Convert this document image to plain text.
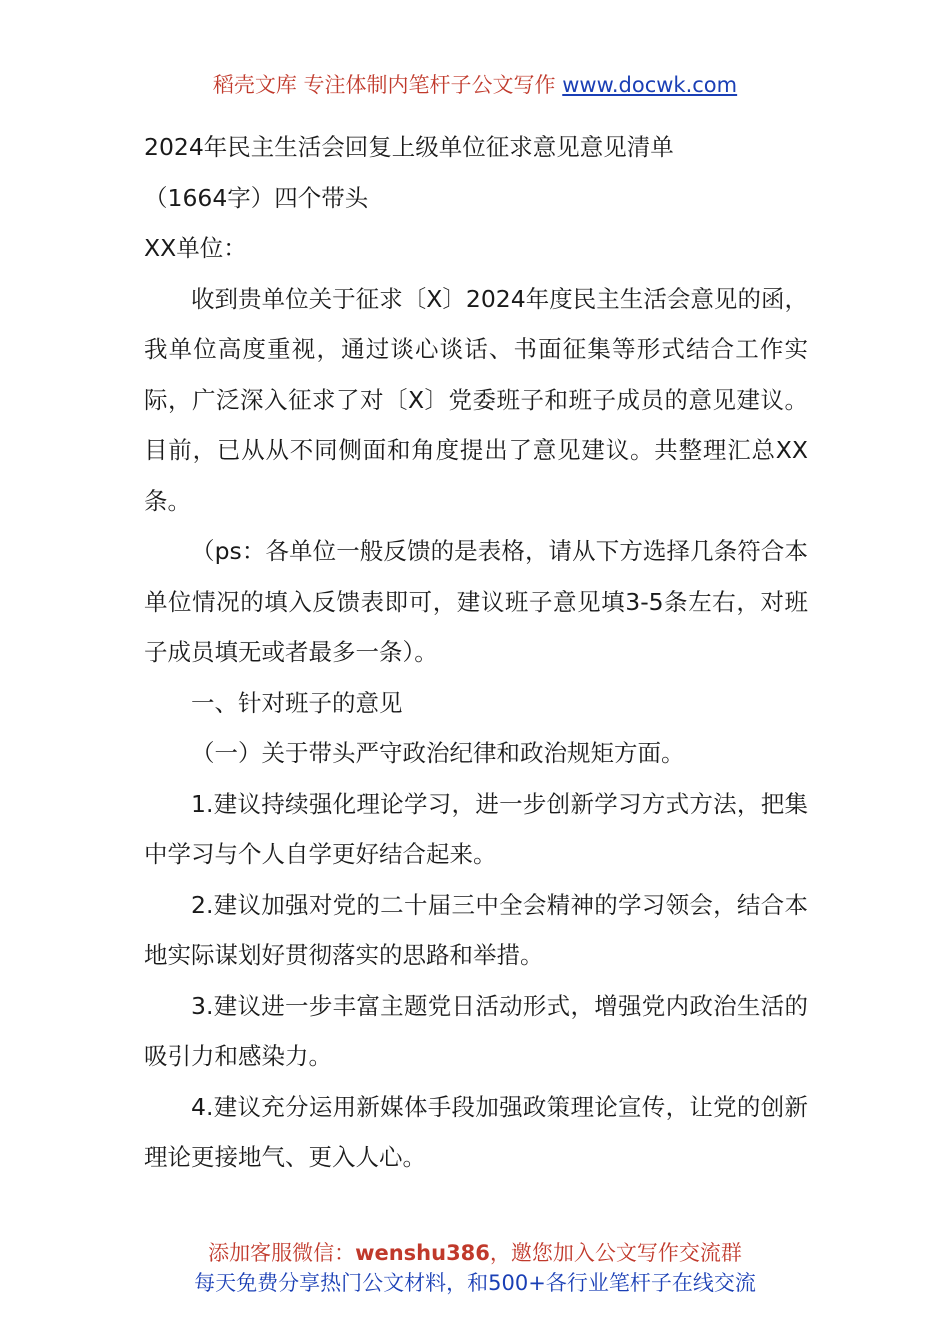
稻壳文库 专注体制内笔杆子公文写作 www.docwk.com

2024年民主生活会回复上级单位征求意见意见清单

（1664字）四个带头

XX单位：

收到贵单位关于征求〔X〕2024年度民主生活会意见的函，我单位高度重视，通过谈心谈话、书面征集等形式结合工作实际，广泛深入征求了对〔X〕党委班子和班子成员的意见建议。目前，已从从不同侧面和角度提出了意见建议。共整理汇总XX条。

（ps：各单位一般反馈的是表格，请从下方选择几条符合本单位情况的填入反馈表即可，建议班子意见填3-5条左右，对班子成员填无或者最多一条）。

一、针对班子的意见

（一）关于带头严守政治纪律和政治规矩方面。

1.建议持续强化理论学习，进一步创新学习方式方法，把集中学习与个人自学更好结合起来。

2.建议加强对党的二十届三中全会精神的学习领会，结合本地实际谋划好贯彻落实的思路和举措。

3.建议进一步丰富主题党日活动形式，增强党内政治生活的吸引力和感染力。

4.建议充分运用新媒体手段加强政策理论宣传，让党的创新理论更接地气、更入人心。

添加客服微信：wenshu386，邀您加入公文写作交流群
每天免费分享热门公文材料，和500+各行业笔杆子在线交流
